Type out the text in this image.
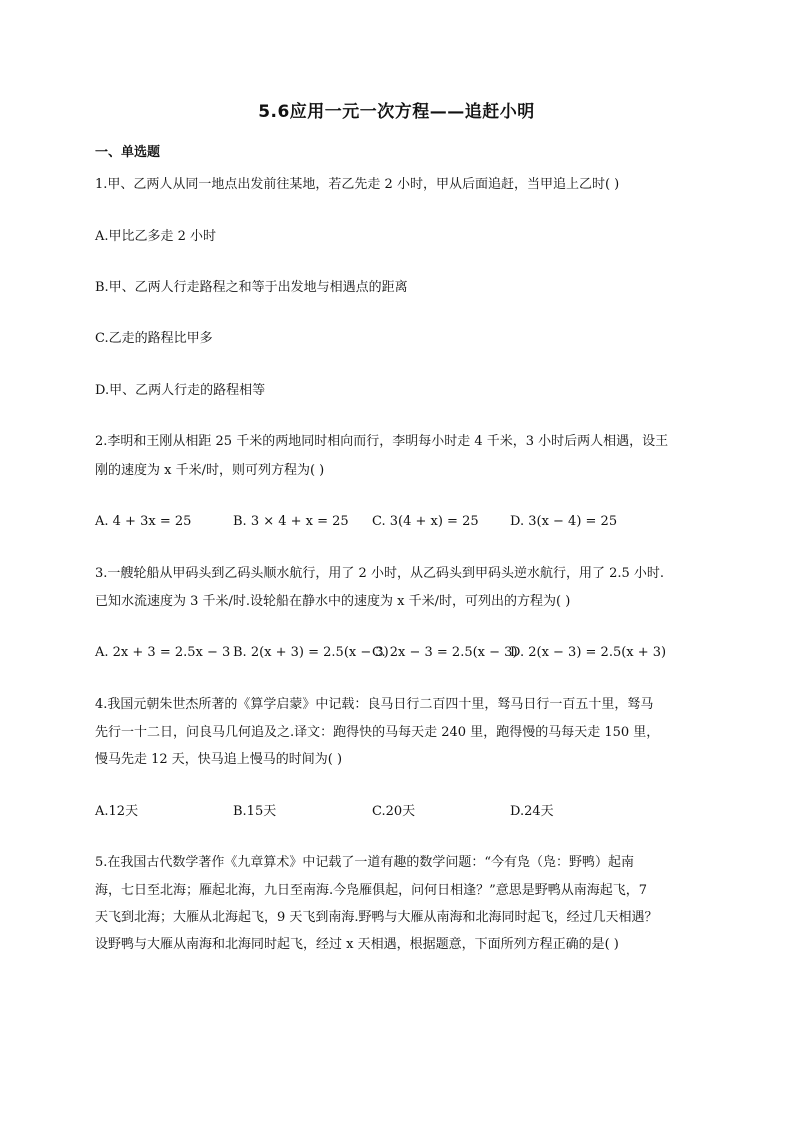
5.6应用一元一次方程——追赶小明
一、单选题
1.甲、乙两人从同一地点出发前往某地，若乙先走 2 小时，甲从后面追赶，当甲追上乙时( )
A.甲比乙多走 2 小时
B.甲、乙两人行走路程之和等于出发地与相遇点的距离
C.乙走的路程比甲多
D.甲、乙两人行走的路程相等
2.李明和王刚从相距 25 千米的两地同时相向而行，李明每小时走 4 千米，3 小时后两人相遇，设王
刚的速度为 x 千米/时，则可列方程为( )
A. 4 + 3x = 25	B. 3 × 4 + x = 25 C. 3(4 + x) = 25 D. 3(x − 4) = 25
3.一艘轮船从甲码头到乙码头顺水航行，用了 2 小时，从乙码头到甲码头逆水航行，用了 2.5 小时.
已知水流速度为 3 千米/时.设轮船在静水中的速度为 x 千米/时，可列出的方程为( )
A. 2x + 3 = 2.5x − 3 B. 2(x + 3) = 2.5(x − 3)
C. 2x − 3 = 2.5(x − 3)
D. 2(x − 3) = 2.5(x + 3)
4.我国元朝朱世杰所著的《算学启蒙》中记载：良马日行二百四十里，驽马日行一百五十里，驽马
先行一十二日，问良马几何追及之.译文：跑得快的马每天走 240 里，跑得慢的马每天走 150 里，
慢马先走 12 天，快马追上慢马的时间为( )
A.12天	B.15天	C.20天	D.24天
5.在我国古代数学著作《九章算术》中记载了一道有趣的数学问题：“今有凫（凫：野鸭）起南
海，七日至北海；雁起北海，九日至南海.今凫雁俱起，问何日相逢？”意思是野鸭从南海起飞，7
天飞到北海；大雁从北海起飞，9 天飞到南海.野鸭与大雁从南海和北海同时起飞，经过几天相遇？
设野鸭与大雁从南海和北海同时起飞，经过 x 天相遇，根据题意，下面所列方程正确的是( )
